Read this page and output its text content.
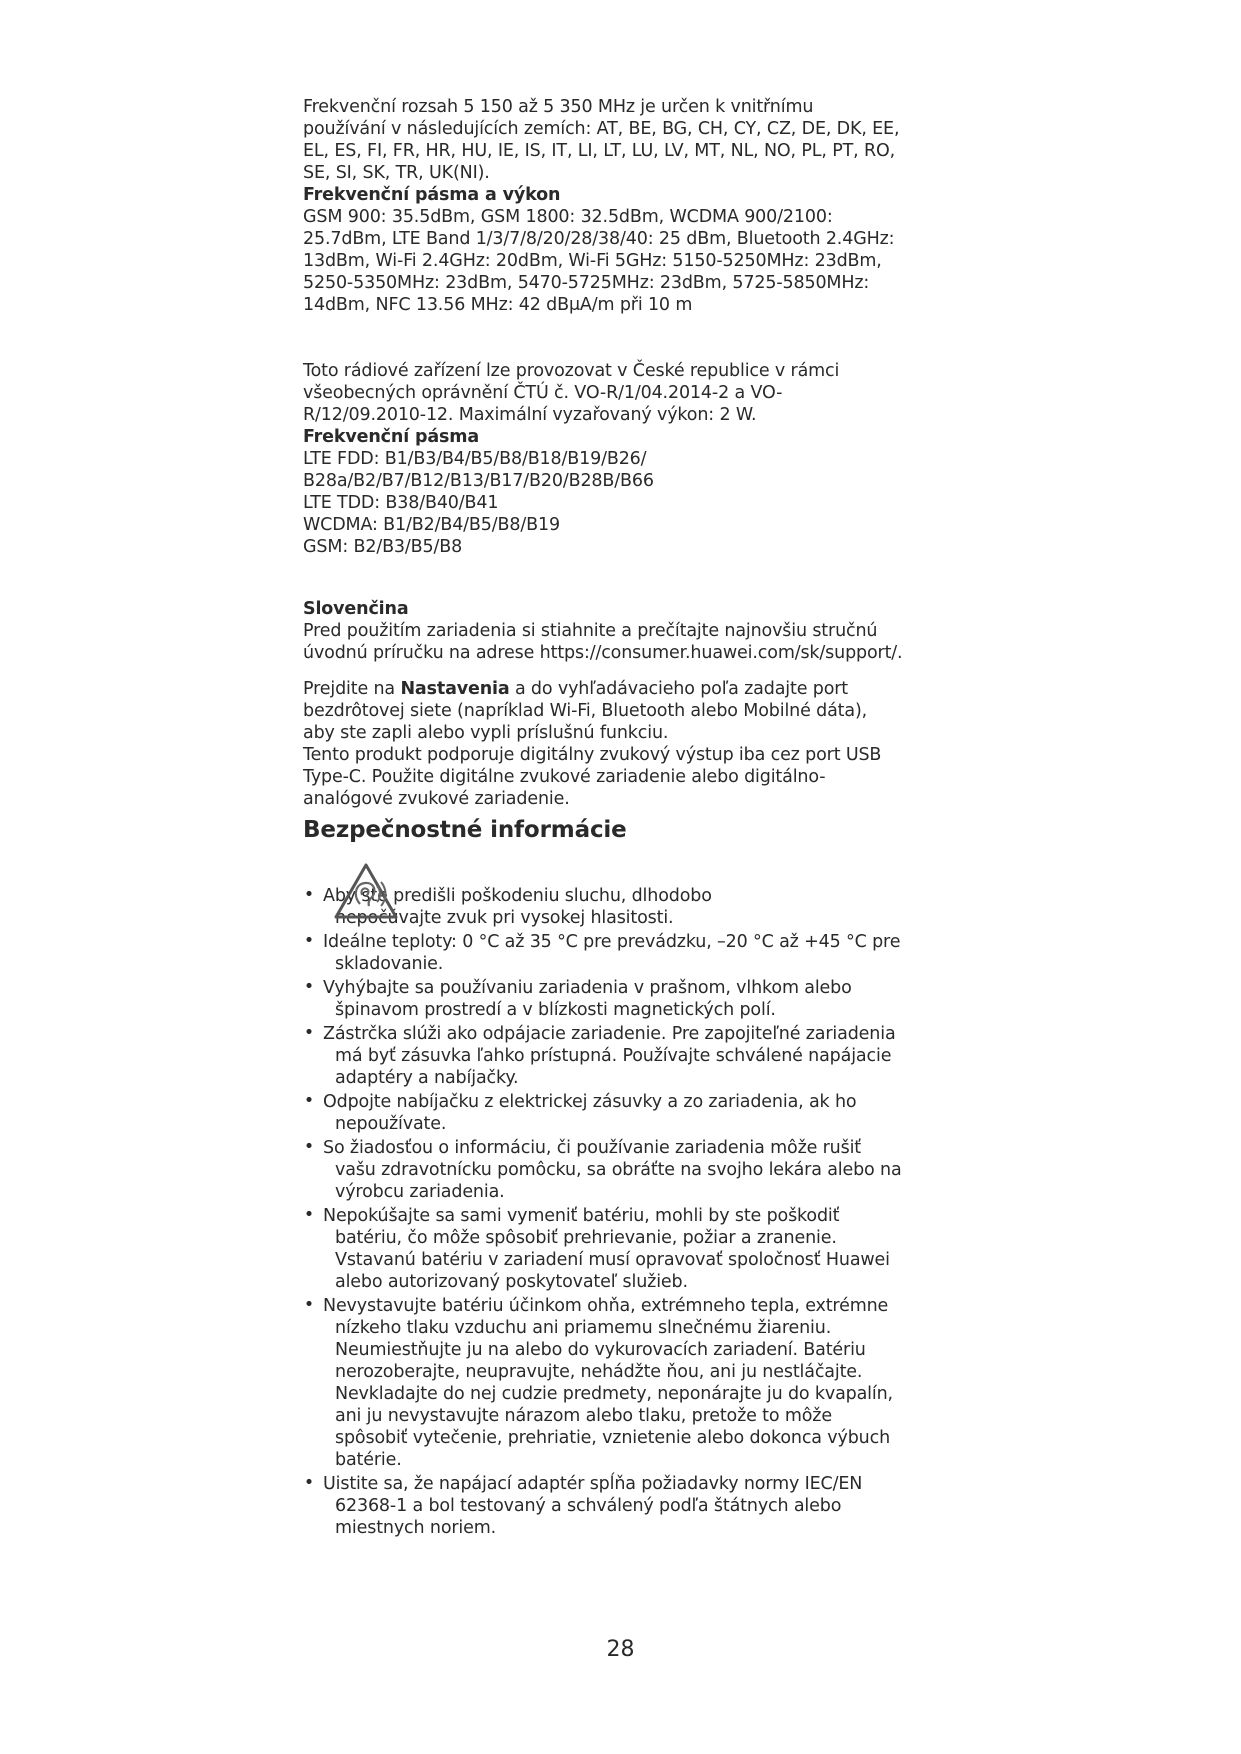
Frekvenční rozsah 5 150 až 5 350 MHz je určen k vnitřnímu
používání v následujících zemích: AT, BE, BG, CH, CY, CZ, DE, DK, EE,
EL, ES, FI, FR, HR, HU, IE, IS, IT, LI, LT, LU, LV, MT, NL, NO, PL, PT, RO,
SE, SI, SK, TR, UK(NI).
Frekvenční pásma a výkon
GSM 900: 35.5dBm, GSM 1800: 32.5dBm, WCDMA 900/2100:
25.7dBm, LTE Band 1/3/7/8/20/28/38/40: 25 dBm, Bluetooth 2.4GHz:
13dBm, Wi-Fi 2.4GHz: 20dBm, Wi-Fi 5GHz: 5150-5250MHz: 23dBm,
5250-5350MHz: 23dBm, 5470-5725MHz: 23dBm, 5725-5850MHz:
14dBm, NFC 13.56 MHz: 42 dBμA/m při 10 m
Toto rádiové zařízení lze provozovat v České republice v rámci
všeobecných oprávnění ČTÚ č. VO-R/1/04.2014-2 a VO-
R/12/09.2010-12. Maximální vyzařovaný výkon: 2 W.
Frekvenční pásma
LTE FDD: B1/B3/B4/B5/B8/B18/B19/B26/
B28a/B2/B7/B12/B13/B17/B20/B28B/B66
LTE TDD: B38/B40/B41
WCDMA: B1/B2/B4/B5/B8/B19
GSM: B2/B3/B5/B8
Slovenčina
Pred použitím zariadenia si stiahnite a prečítajte najnovšiu stručnú
úvodnú príručku na adrese https://consumer.huawei.com/sk/support/.
Prejdite na Nastavenia a do vyhľadávacieho poľa zadajte port
bezdrôtovej siete (napríklad Wi-Fi, Bluetooth alebo Mobilné dáta),
aby ste zapli alebo vypli príslušnú funkciu.
Tento produkt podporuje digitálny zvukový výstup iba cez port USB
Type-C. Použite digitálne zvukové zariadenie alebo digitálno-
analógové zvukové zariadenie.
Bezpečnostné informácie
• Aby ste predišli poškodeniu sluchu, dlhodobo
nepočúvajte zvuk pri vysokej hlasitosti.
• Ideálne teploty: 0 °C až 35 °C pre prevádzku, –20 °C až +45 °C pre
skladovanie.
• Vyhýbajte sa používaniu zariadenia v prašnom, vlhkom alebo
špinavom prostredí a v blízkosti magnetických polí.
• Zástrčka slúži ako odpájacie zariadenie. Pre zapojiteľné zariadenia
má byť zásuvka ľahko prístupná. Používajte schválené napájacie
adaptéry a nabíjačky.
• Odpojte nabíjačku z elektrickej zásuvky a zo zariadenia, ak ho
nepoužívate.
• So žiadosťou o informáciu, či používanie zariadenia môže rušiť
vašu zdravotnícku pomôcku, sa obráťte na svojho lekára alebo na
výrobcu zariadenia.
• Nepokúšajte sa sami vymeniť batériu, mohli by ste poškodiť
batériu, čo môže spôsobiť prehrievanie, požiar a zranenie.
Vstavanú batériu v zariadení musí opravovať spoločnosť Huawei
alebo autorizovaný poskytovateľ služieb.
• Nevystavujte batériu účinkom ohňa, extrémneho tepla, extrémne
nízkeho tlaku vzduchu ani priamemu slnečnému žiareniu.
Neumiestňujte ju na alebo do vykurovacích zariadení. Batériu
nerozoberajte, neupravujte, nehádžte ňou, ani ju nestláčajte.
Nevkladajte do nej cudzie predmety, neponárajte ju do kvapalín,
ani ju nevystavujte nárazom alebo tlaku, pretože to môže
spôsobiť vytečenie, prehriatie, vznietenie alebo dokonca výbuch
batérie.
• Uistite sa, že napájací adaptér spĺňa požiadavky normy IEC/EN
62368-1 a bol testovaný a schválený podľa štátnych alebo
miestnych noriem.
28
